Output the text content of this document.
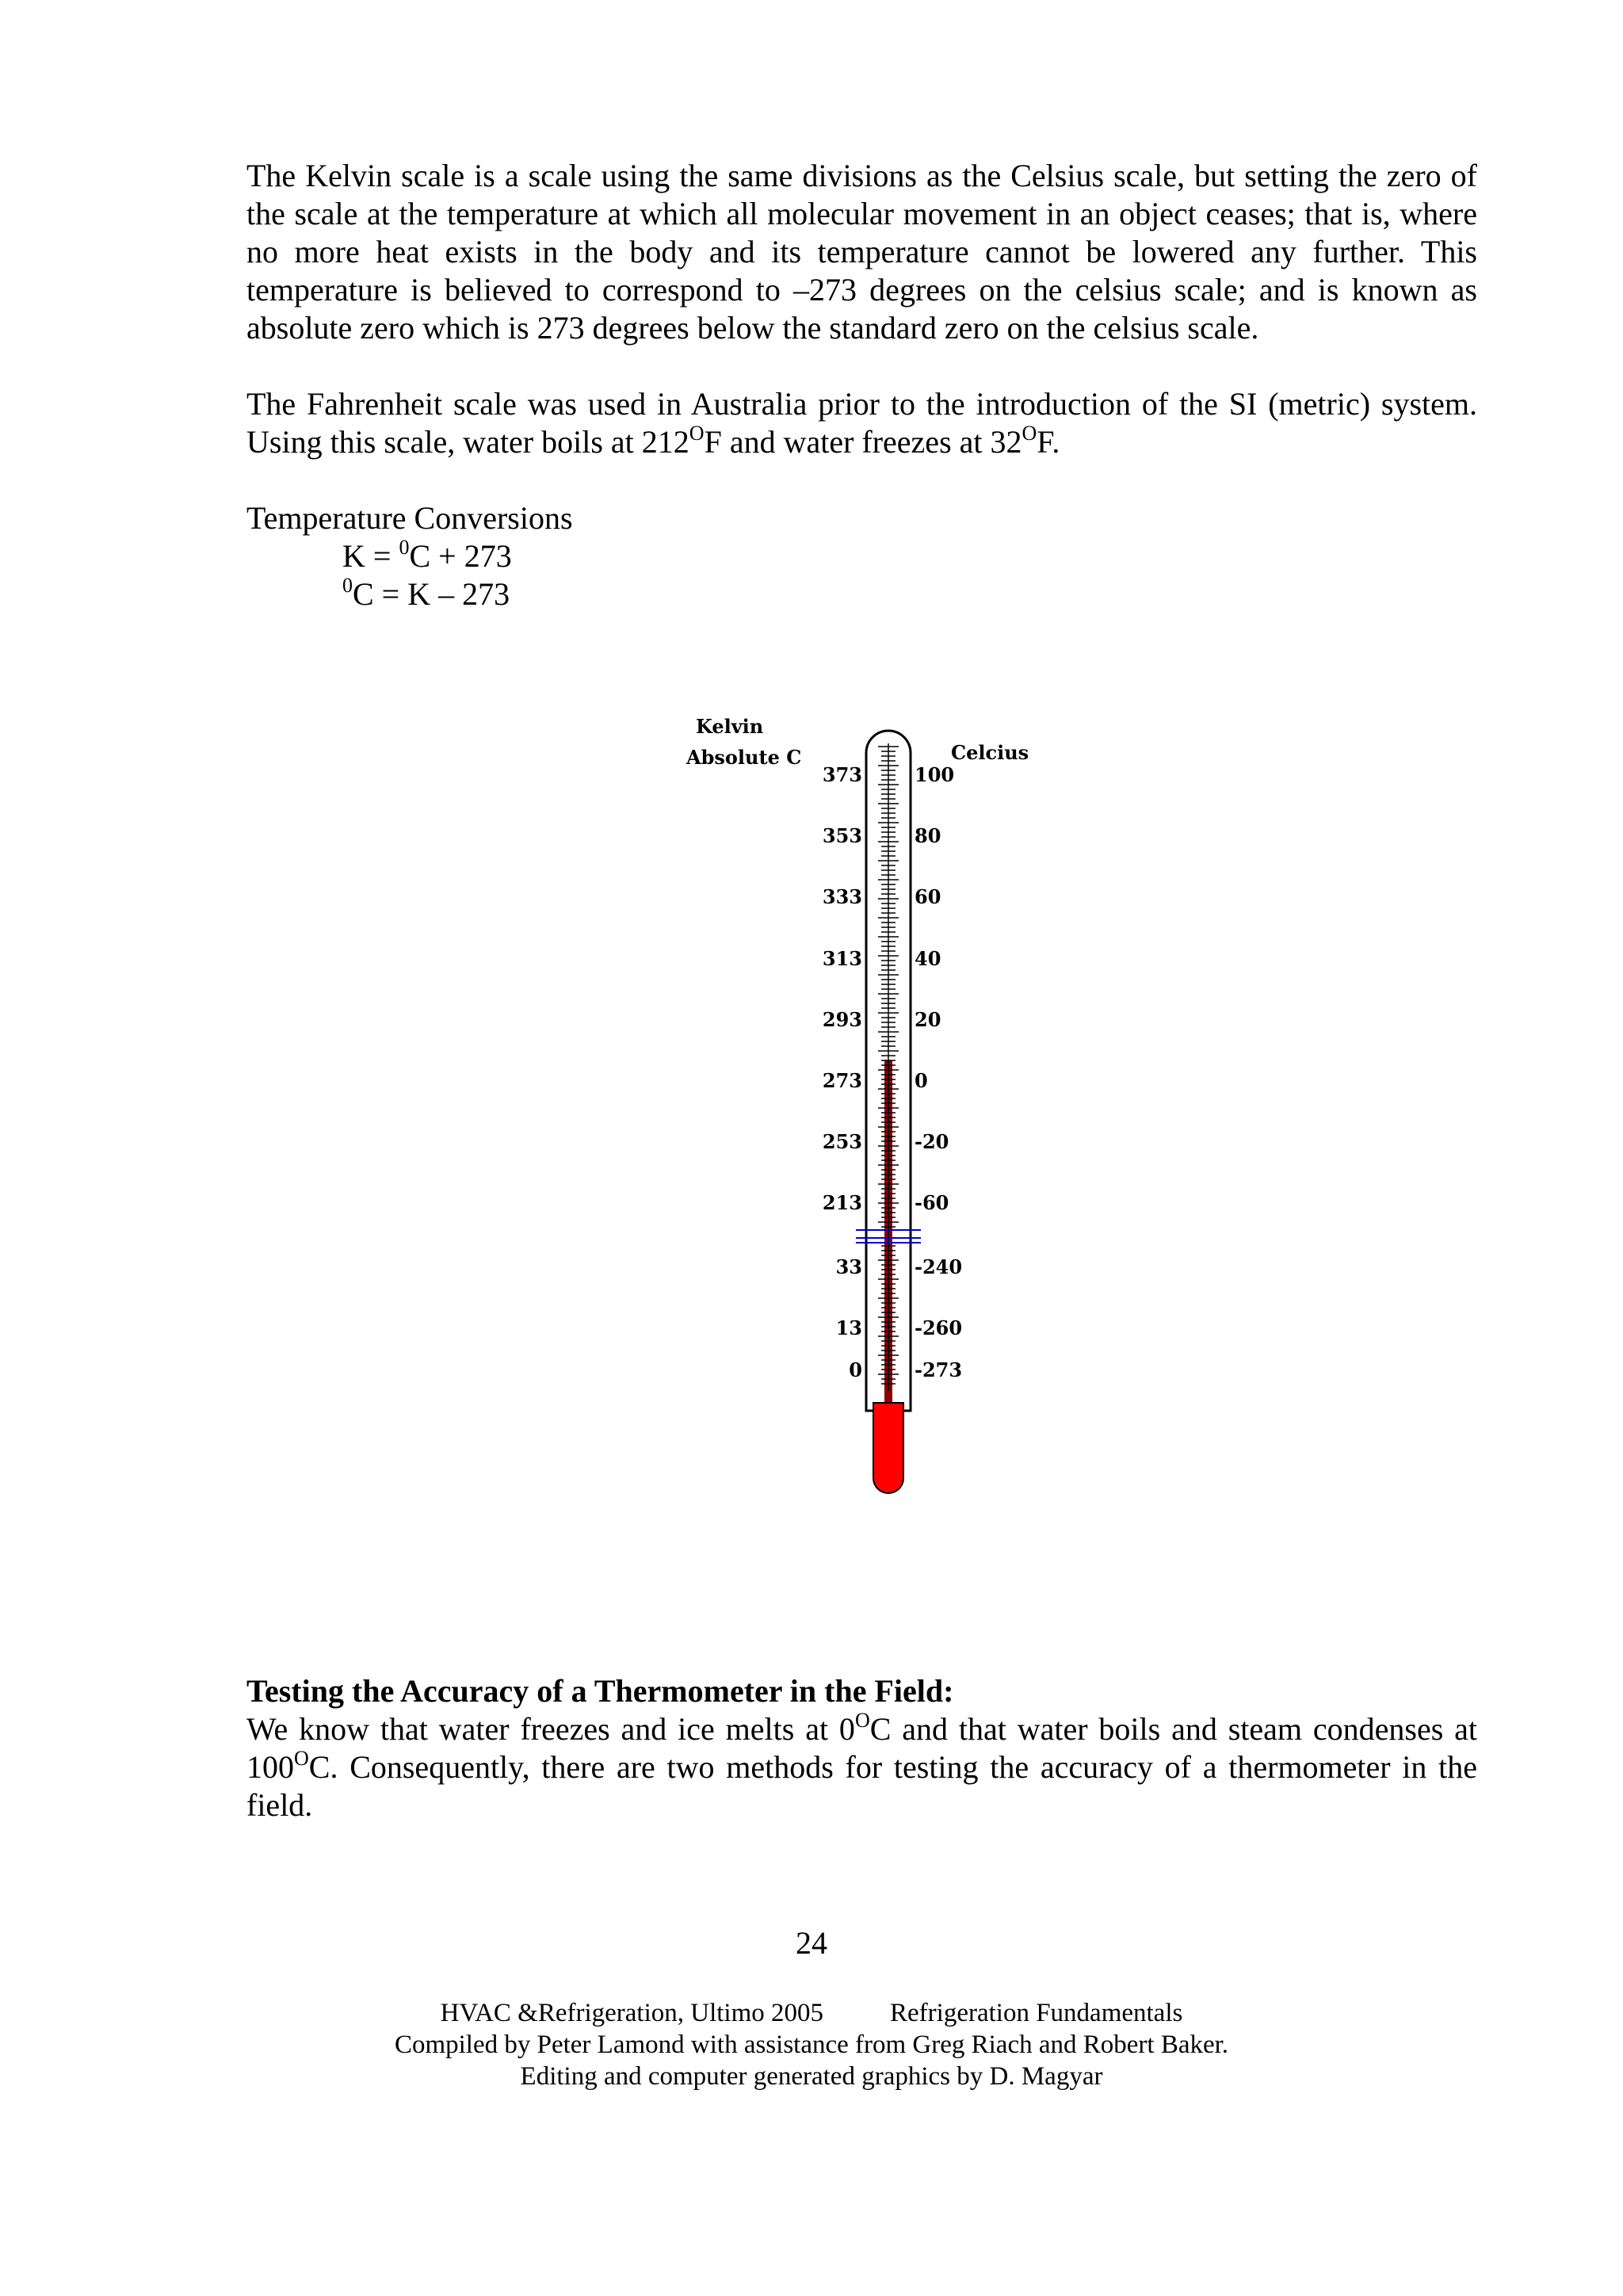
The Kelvin scale is a scale using the same divisions as the Celsius scale, but setting the zero of the scale at the temperature at which all molecular movement in an object ceases; that is, where no more heat exists in the body and its temperature cannot be lowered any further. This temperature is believed to correspond to –273 degrees on the celsius scale; and is known as absolute zero which is 273 degrees below the standard zero on the celsius scale.

The Fahrenheit scale was used in Australia prior to the introduction of the SI (metric) system. Using this scale, water boils at $212^OF$ and water freezes at $32^OF$.

Temperature Conversions

K = $^0$C + 273

$^0$C = K – 273

Kelvin
Absolute C	Celcius
373
353
333
313
293
273
253
213
33
13
0
100
80
60
40
20
0
-20
-60
-240
-260
-273

Testing the Accuracy of a Thermometer in the Field:

We know that water freezes and ice melts at $0^OC$ and that water boils and steam condenses at $100^OC$. Consequently, there are two methods for testing the accuracy of a thermometer in the field.

24

HVAC &Refrigeration, Ultimo 2005	Refrigeration Fundamentals

Compiled by Peter Lamond with assistance from Greg Riach and Robert Baker.

Editing and computer generated graphics by D. Magyar
